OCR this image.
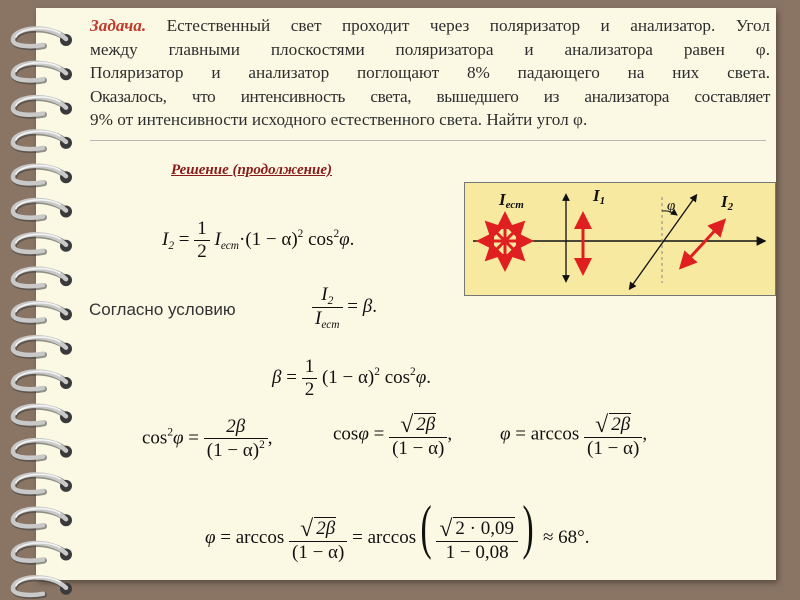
Задача. Естественный свет проходит через поляризатор и анализатор. Угол
между главными плоскостями поляризатора и анализатора равен φ.
Поляризатор и анализатор поглощают 8% падающего на них света.
Оказалось, что интенсивность света, вышедшего из анализатора составляет
9% от интенсивности исходного естественного света. Найти угол φ.
Решение (продолжение)
$I_2 = \frac{1}{2} I_{ест}\cdot(1 - \alpha)^2$ $\cos^2\varphi$.
Iест	I1	I2
φ
Согласно условию	$\frac{I_2}{I_{ест}} = \beta$.
$\beta = \frac{1}{2} (1 - \alpha)^2$ $\cos^2\varphi$.
$\cos^2\varphi = \frac{2\beta}{(1 - \alpha)^2}$ ,	$\cos\varphi = \frac{√ 2\beta}{(1 - \alpha)}$ ,	$\varphi = \arccos \frac{√ 2\beta}{(1 - \alpha)}$ ,
$\varphi = \arccos \frac{√ 2\beta}{(1 - \alpha)} = \arccos( \frac{√ 2 \cdot 0,09}{1 - 0,08}$ ) ≈ 68°.
